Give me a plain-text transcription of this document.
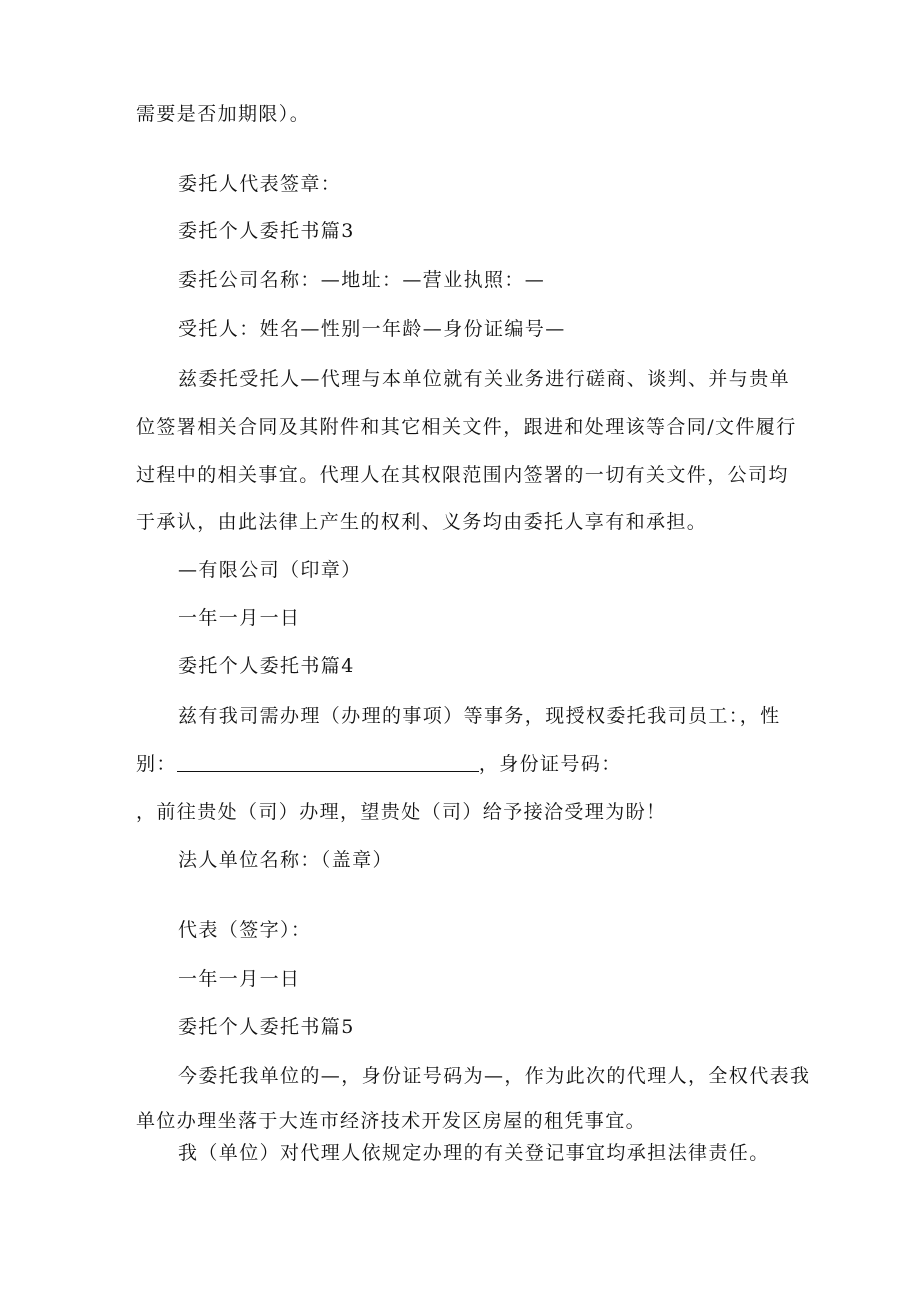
需要是否加期限）。
委托人代表签章：
委托个人委托书篇3
委托公司名称：—地址：—营业执照：—
受托人：姓名—性别一年龄—身份证编号—
兹委托受托人—代理与本单位就有关业务进行磋商、谈判、并与贵单
位签署相关合同及其附件和其它相关文件，跟进和处理该等合同/文件履行
过程中的相关事宜。代理人在其权限范围内签署的一切有关文件，公司均
于承认，由此法律上产生的权利、义务均由委托人享有和承担。
—有限公司（印章）
一年一月一日
委托个人委托书篇4
兹有我司需办理（办理的事项）等事务，现授权委托我司员工：，性
别：	，身份证号码：
，前往贵处（司）办理，望贵处（司）给予接洽受理为盼！
法人单位名称：（盖章）
代表（签字）：
一年一月一日
委托个人委托书篇5
今委托我单位的—，身份证号码为—，作为此次的代理人，全权代表我
单位办理坐落于大连市经济技术开发区房屋的租凭事宜。
我（单位）对代理人依规定办理的有关登记事宜均承担法律责任。
